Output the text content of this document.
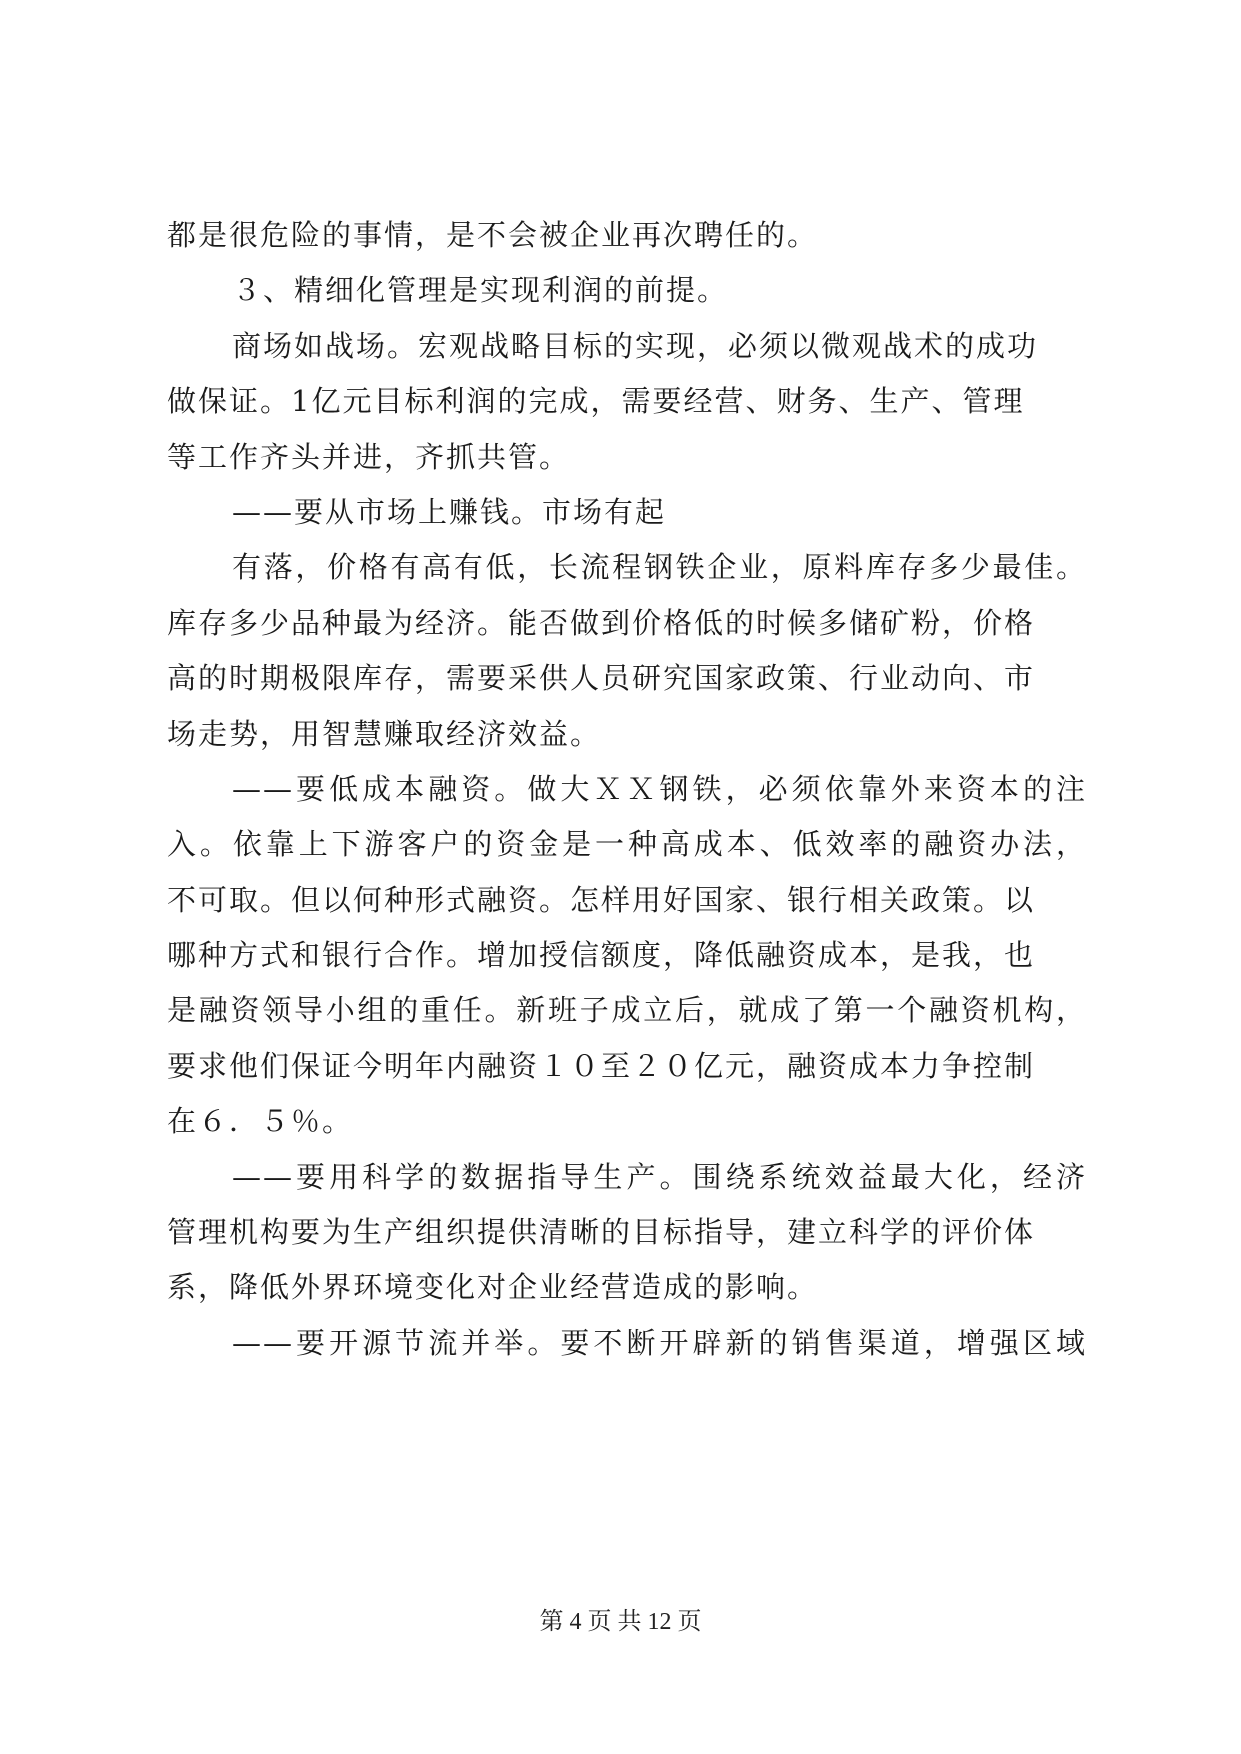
都是很危险的事情，是不会被企业再次聘任的。
３、精细化管理是实现利润的前提。
商场如战场。宏观战略目标的实现，必须以微观战术的成功
做保证。1亿元目标利润的完成，需要经营、财务、生产、管理
等工作齐头并进，齐抓共管。
——要从市场上赚钱。市场有起
有落，价格有高有低，长流程钢铁企业，原料库存多少最佳。
库存多少品种最为经济。能否做到价格低的时候多储矿粉，价格
高的时期极限库存，需要采供人员研究国家政策、行业动向、市
场走势，用智慧赚取经济效益。
——要低成本融资。做大ＸＸ钢铁，必须依靠外来资本的注
入。依靠上下游客户的资金是一种高成本、低效率的融资办法，
不可取。但以何种形式融资。怎样用好国家、银行相关政策。以
哪种方式和银行合作。增加授信额度，降低融资成本，是我，也
是融资领导小组的重任。新班子成立后，就成了第一个融资机构，
要求他们保证今明年内融资１０至２０亿元，融资成本力争控制
在６．５％。
——要用科学的数据指导生产。围绕系统效益最大化，经济
管理机构要为生产组织提供清晰的目标指导，建立科学的评价体
系，降低外界环境变化对企业经营造成的影响。
——要开源节流并举。要不断开辟新的销售渠道，增强区域
第 4 页 共 12 页
